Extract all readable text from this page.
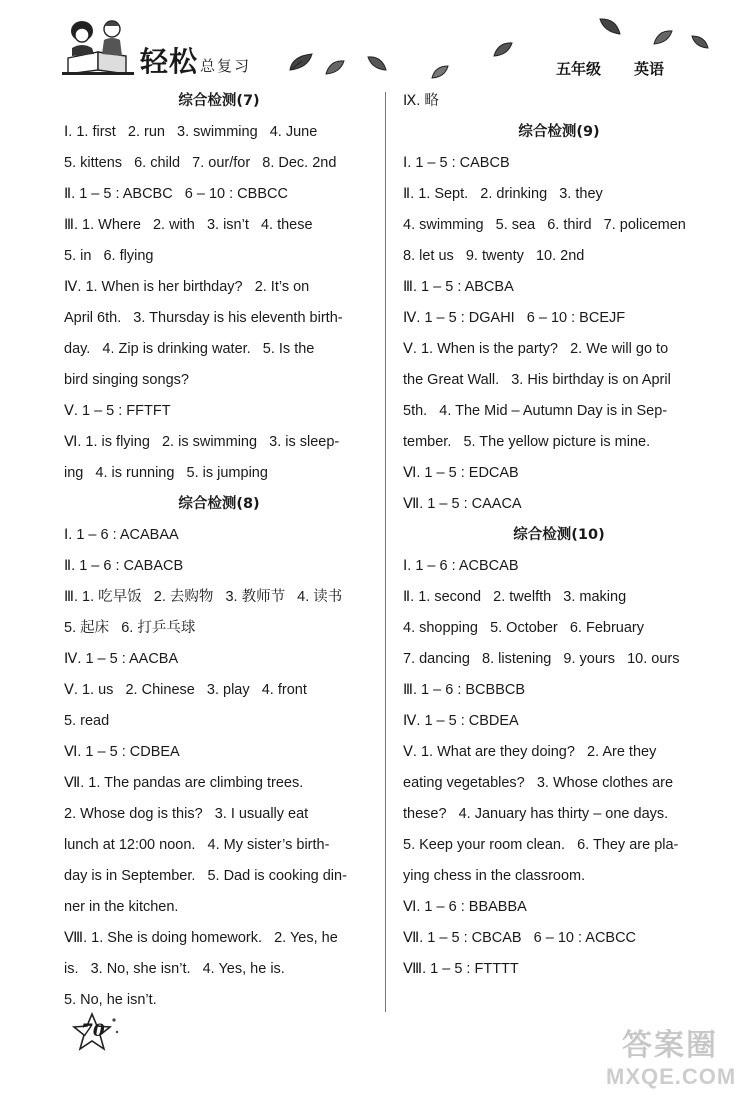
轻松 总复习	五年级 英语
综合检测(7)
Ⅰ. 1. first   2. run   3. swimming   4. June
5. kittens   6. child   7. our/for   8. Dec. 2nd
Ⅱ. 1 – 5 : ABCBC   6 – 10 : CBBCC
Ⅲ. 1. Where   2. with   3. isn’t   4. these
5. in   6. flying
Ⅳ. 1. When is her birthday?   2. It’s on
April 6th.   3. Thursday is his eleventh birth-
day.   4. Zip is drinking water.   5. Is the
bird singing songs?
Ⅴ. 1 – 5 : FFTFT
Ⅵ. 1. is flying   2. is swimming   3. is sleep-
ing   4. is running   5. is jumping
综合检测(8)
Ⅰ. 1 – 6 : ACABAA
Ⅱ. 1 – 6 : CABACB
Ⅲ. 1. 吃早饭   2. 去购物   3. 教师节   4. 读书
5. 起床   6. 打乒乓球
Ⅳ. 1 – 5 : AACBA
Ⅴ. 1. us   2. Chinese   3. play   4. front
5. read
Ⅵ. 1 – 5 : CDBEA
Ⅶ. 1. The pandas are climbing trees.
2. Whose dog is this?   3. I usually eat
lunch at 12:00 noon.   4. My sister’s birth-
day is in September.   5. Dad is cooking din-
ner in the kitchen.
Ⅷ. 1. She is doing homework.   2. Yes, he
is.   3. No, she isn’t.   4. Yes, he is.
5. No, he isn’t.
Ⅸ. 略
综合检测(9)
Ⅰ. 1 – 5 : CABCB
Ⅱ. 1. Sept.   2. drinking   3. they
4. swimming   5. sea   6. third   7. policemen
8. let us   9. twenty   10. 2nd
Ⅲ. 1 – 5 : ABCBA
Ⅳ. 1 – 5 : DGAHI   6 – 10 : BCEJF
Ⅴ. 1. When is the party?   2. We will go to
the Great Wall.   3. His birthday is on April
5th.   4. The Mid – Autumn Day is in Sep-
tember.   5. The yellow picture is mine.
Ⅵ. 1 – 5 : EDCAB
Ⅶ. 1 – 5 : CAACA
综合检测(10)
Ⅰ. 1 – 6 : ACBCAB
Ⅱ. 1. second   2. twelfth   3. making
4. shopping   5. October   6. February
7. dancing   8. listening   9. yours   10. ours
Ⅲ. 1 – 6 : BCBBCB
Ⅳ. 1 – 5 : CBDEA
Ⅴ. 1. What are they doing?   2. Are they
eating vegetables?   3. Whose clothes are
these?   4. January has thirty – one days.
5. Keep your room clean.   6. They are pla-
ying chess in the classroom.
Ⅵ. 1 – 6 : BBABBA
Ⅶ. 1 – 5 : CBCAB   6 – 10 : ACBCC
Ⅷ. 1 – 5 : FTTTT
70	答案圈
MXQE.COM
